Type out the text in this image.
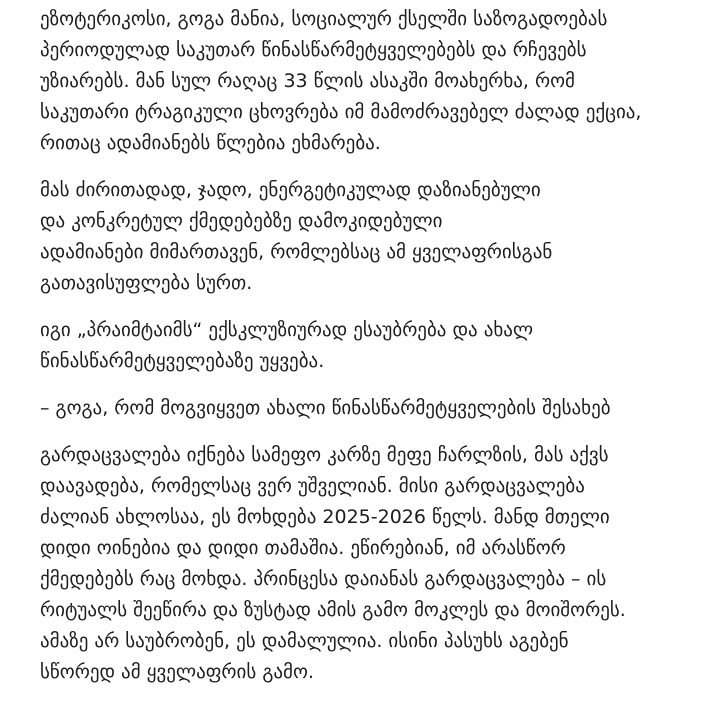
ეზოტერიკოსი, გოგა მანია, სოციალურ ქსელში საზოგადოებას
პერიოდულად საკუთარ წინასწარმეტყველებებს და რჩევებს
უზიარებს. მან სულ რაღაც 33 წლის ასაკში მოახერხა, რომ
საკუთარი ტრაგიკული ცხოვრება იმ მამოძრავებელ ძალად ექცია,
რითაც ადამიანებს წლებია ეხმარება.

მას ძირითადად, ჯადო, ენერგეტიკულად დაზიანებული
და კონკრეტულ ქმედებებზე დამოკიდებული
ადამიანები მიმართავენ, რომლებსაც ამ ყველაფრისგან
გათავისუფლება სურთ.

იგი „პრაიმტაიმს“ ექსკლუზიურად ესაუბრება და ახალ
წინასწარმეტყველებაზე უყვება.

– გოგა, რომ მოგვიყვეთ ახალი წინასწარმეტყველების შესახებ

გარდაცვალება იქნება სამეფო კარზე მეფე ჩარლზის, მას აქვს
დაავადება, რომელსაც ვერ უშველიან. მისი გარდაცვალება
ძალიან ახლოსაა, ეს მოხდება 2025-2026 წელს. მანდ მთელი
დიდი ოინებია და დიდი თამაშია. ეწირებიან, იმ არასწორ
ქმედებებს რაც მოხდა. პრინცესა დაიანას გარდაცვალება – ის
რიტუალს შეეწირა და ზუსტად ამის გამო მოკლეს და მოიშორეს.
ამაზე არ საუბრობენ, ეს დამალულია. ისინი პასუხს აგებენ
სწორედ ამ ყველაფრის გამო.
